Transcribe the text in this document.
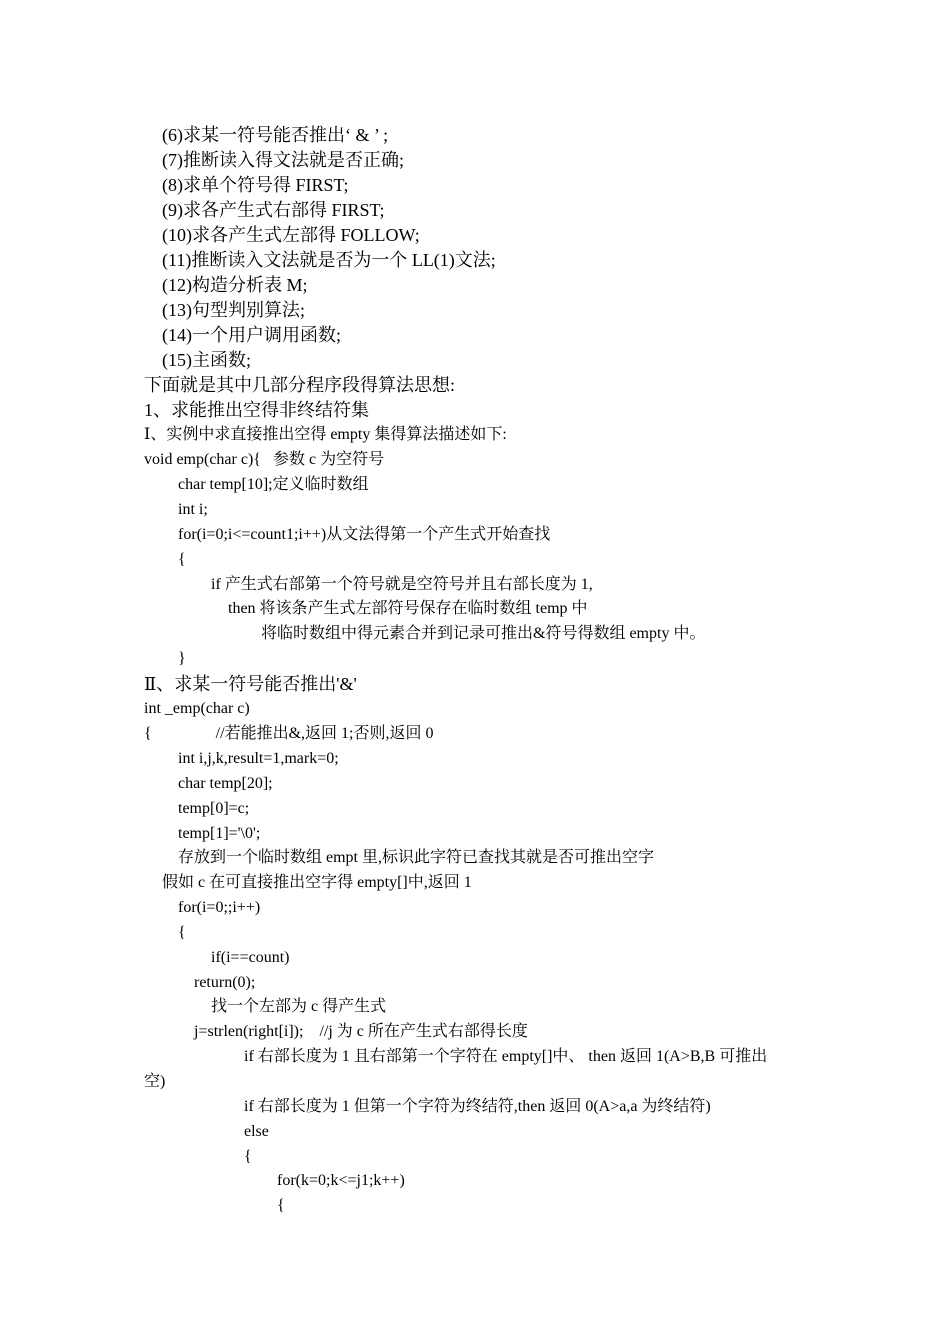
(6)求某一符号能否推出‘ & ’ ;
(7)推断读入得文法就是否正确;
(8)求单个符号得 FIRST;
(9)求各产生式右部得 FIRST;
(10)求各产生式左部得 FOLLOW;
(11)推断读入文法就是否为一个 LL(1)文法;
(12)构造分析表 M;
(13)句型判别算法;
(14)一个用户调用函数;
(15)主函数;
下面就是其中几部分程序段得算法思想:
1、求能推出空得非终结符集
Ⅰ、实例中求直接推出空得 empty 集得算法描述如下:
void emp(char c){   参数 c 为空符号
char temp[10];定义临时数组
int i;
for(i=0;i<=count1;i++)从文法得第一个产生式开始查找
{
if 产生式右部第一个符号就是空符号并且右部长度为 1,
then 将该条产生式左部符号保存在临时数组 temp 中
将临时数组中得元素合并到记录可推出&符号得数组 empty 中。
}
Ⅱ、求某一符号能否推出'&'
int _emp(char c)
{                //若能推出&,返回 1;否则,返回 0
int i,j,k,result=1,mark=0;
char temp[20];
temp[0]=c;
temp[1]='\0';
存放到一个临时数组 empt 里,标识此字符已查找其就是否可推出空字
假如 c 在可直接推出空字得 empty[]中,返回 1
for(i=0;;i++)
{
if(i==count)
return(0);
找一个左部为 c 得产生式
j=strlen(right[i]);    //j 为 c 所在产生式右部得长度
if 右部长度为 1 且右部第一个字符在 empty[]中、 then 返回 1(A>B,B 可推出
空)
if 右部长度为 1 但第一个字符为终结符,then 返回 0(A>a,a 为终结符)
else
{
for(k=0;k<=j1;k++)
{
